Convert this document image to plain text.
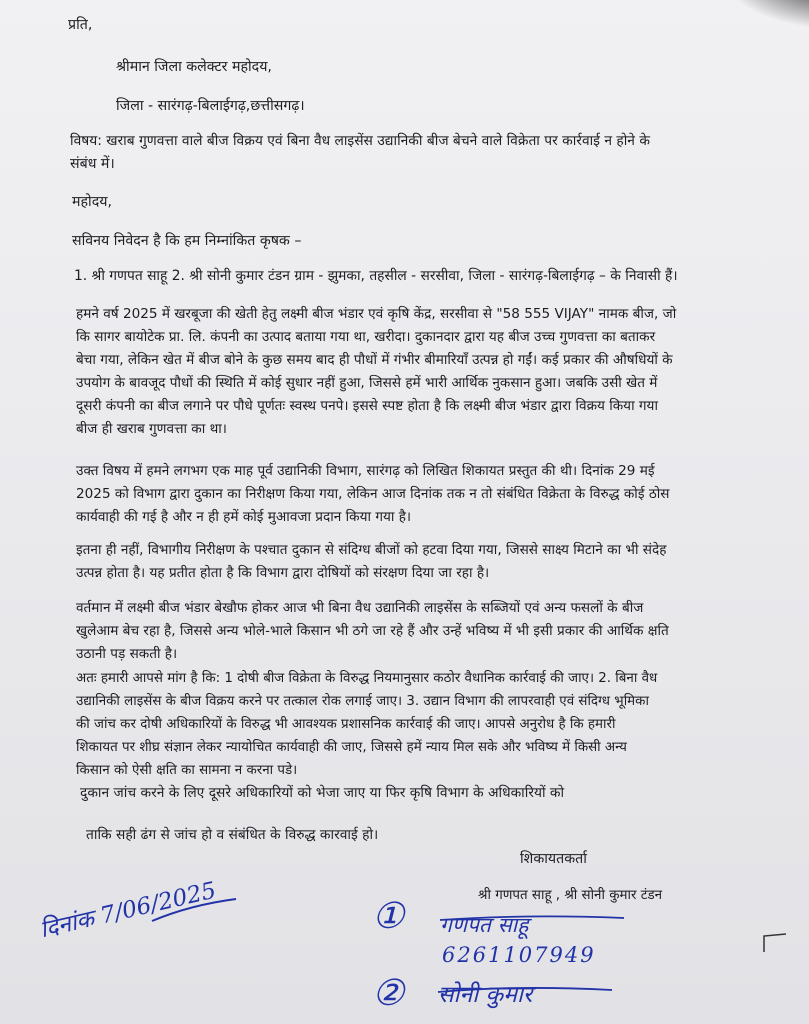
प्रति,
श्रीमान जिला कलेक्टर महोदय,
जिला - सारंगढ़-बिलाईगढ़,छत्तीसगढ़।
विषय: खराब गुणवत्ता वाले बीज विक्रय एवं बिना वैध लाइसेंस उद्यानिकी बीज बेचने वाले विक्रेता पर कार्रवाई न होने के
संबंध में।
महोदय,
सविनय निवेदन है कि हम निम्नांकित कृषक –
1. श्री गणपत साहू 2. श्री सोनी कुमार टंडन ग्राम - झुमका, तहसील - सरसीवा, जिला - सारंगढ़-बिलाईगढ़ – के निवासी हैं।

हमने वर्ष 2025 में खरबूजा की खेती हेतु लक्ष्मी बीज भंडार एवं कृषि केंद्र, सरसीवा से "58 555 VIJAY" नामक बीज, जो

कि सागर बायोटेक प्रा. लि. कंपनी का उत्पाद बताया गया था, खरीदा। दुकानदार द्वारा यह बीज उच्च गुणवत्ता का बताकर

बेचा गया, लेकिन खेत में बीज बोने के कुछ समय बाद ही पौधों में गंभीर बीमारियाँ उत्पन्न हो गईं। कई प्रकार की औषधियों के

उपयोग के बावजूद पौधों की स्थिति में कोई सुधार नहीं हुआ, जिससे हमें भारी आर्थिक नुकसान हुआ। जबकि उसी खेत में

दूसरी कंपनी का बीज लगाने पर पौधे पूर्णतः स्वस्थ पनपे। इससे स्पष्ट होता है कि लक्ष्मी बीज भंडार द्वारा विक्रय किया गया

बीज ही खराब गुणवत्ता का था।

उक्त विषय में हमने लगभग एक माह पूर्व उद्यानिकी विभाग, सारंगढ़ को लिखित शिकायत प्रस्तुत की थी। दिनांक 29 मई

2025 को विभाग द्वारा दुकान का निरीक्षण किया गया, लेकिन आज दिनांक तक न तो संबंधित विक्रेता के विरुद्ध कोई ठोस

कार्यवाही की गई है और न ही हमें कोई मुआवजा प्रदान किया गया है।

इतना ही नहीं, विभागीय निरीक्षण के पश्चात दुकान से संदिग्ध बीजों को हटवा दिया गया, जिससे साक्ष्य मिटाने का भी संदेह

उत्पन्न होता है। यह प्रतीत होता है कि विभाग द्वारा दोषियों को संरक्षण दिया जा रहा है।

वर्तमान में लक्ष्मी बीज भंडार बेखौफ होकर आज भी बिना वैध उद्यानिकी लाइसेंस के सब्जियों एवं अन्य फसलों के बीज

खुलेआम बेच रहा है, जिससे अन्य भोले-भाले किसान भी ठगे जा रहे हैं और उन्हें भविष्य में भी इसी प्रकार की आर्थिक क्षति

उठानी पड़ सकती है।

अतः हमारी आपसे मांग है कि: 1 दोषी बीज विक्रेता के विरुद्ध नियमानुसार कठोर वैधानिक कार्रवाई की जाए। 2. बिना वैध

उद्यानिकी लाइसेंस के बीज विक्रय करने पर तत्काल रोक लगाई जाए। 3. उद्यान विभाग की लापरवाही एवं संदिग्ध भूमिका

की जांच कर दोषी अधिकारियों के विरुद्ध भी आवश्यक प्रशासनिक कार्रवाई की जाए। आपसे अनुरोध है कि हमारी

शिकायत पर शीघ्र संज्ञान लेकर न्यायोचित कार्यवाही की जाए, जिससे हमें न्याय मिल सके और भविष्य में किसी अन्य

किसान को ऐसी क्षति का सामना न करना पडे।

दुकान जांच करने के लिए दूसरे अधिकारियों को भेजा जाए या फिर कृषि विभाग के अधिकारियों को
ताकि सही ढंग से जांच हो व संबंधित के विरुद्ध कारवाई हो।
शिकायतकर्ता
श्री गणपत साहू , श्री सोनी कुमार टंडन
दिनांक 7/06/2025	① गणपत साहू
6261107949
② सोनी कुमार
